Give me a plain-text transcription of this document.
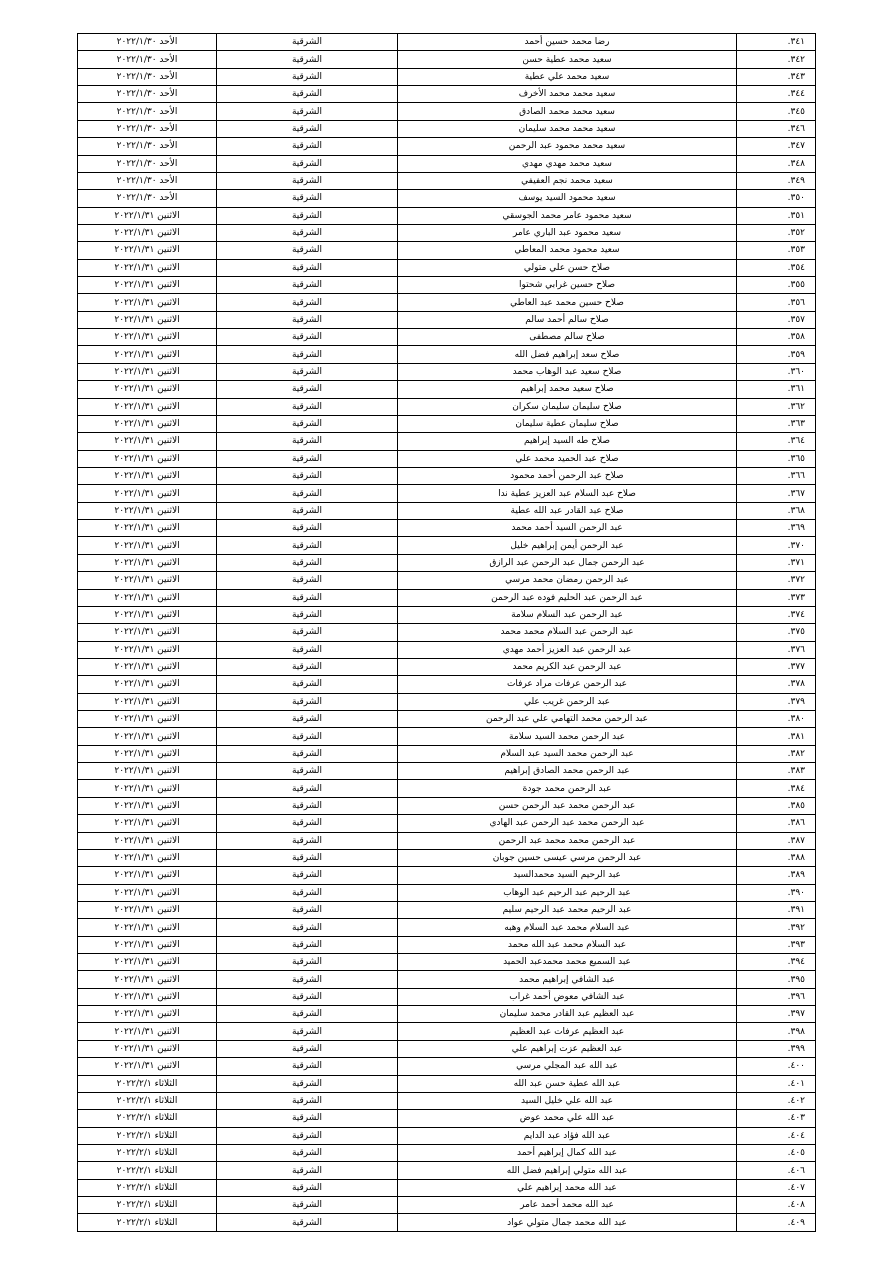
٣٤١.	رضا محمد حسين أحمد	الشرقية	الأحد ٢٠٢٢/١/٣٠
٣٤٢.	سعيد محمد عطية حسن	الشرقية	الأحد ٢٠٢٢/١/٣٠
٣٤٣.	سعيد محمد علي عطية	الشرقية	الأحد ٢٠٢٢/١/٣٠
٣٤٤.	سعيد محمد محمد الأخرف	الشرقية	الأحد ٢٠٢٢/١/٣٠
٣٤٥.	سعيد محمد محمد الصادق	الشرقية	الأحد ٢٠٢٢/١/٣٠
٣٤٦.	سعيد محمد محمد سليمان	الشرقية	الأحد ٢٠٢٢/١/٣٠
٣٤٧.	سعيد محمد محمود عبد الرحمن	الشرقية	الأحد ٢٠٢٢/١/٣٠
٣٤٨.	سعيد محمد مهدي مهدي	الشرقية	الأحد ٢٠٢٢/١/٣٠
٣٤٩.	سعيد محمد نجم العفيفي	الشرقية	الأحد ٢٠٢٢/١/٣٠
٣٥٠.	سعيد محمود السيد يوسف	الشرقية	الأحد ٢٠٢٢/١/٣٠
٣٥١.	سعيد محمود عامر محمد الجوسقي	الشرقية	الاثنين ٢٠٢٢/١/٣١
٣٥٢.	سعيد محمود عبد الباري عامر	الشرقية	الاثنين ٢٠٢٢/١/٣١
٣٥٣.	سعيد محمود محمد المعاطي	الشرقية	الاثنين ٢٠٢٢/١/٣١
٣٥٤.	صلاح حسن علي متولي	الشرقية	الاثنين ٢٠٢٢/١/٣١
٣٥٥.	صلاح حسين غرابي شحتوا	الشرقية	الاثنين ٢٠٢٢/١/٣١
٣٥٦.	صلاح حسين محمد عبد العاطي	الشرقية	الاثنين ٢٠٢٢/١/٣١
٣٥٧.	صلاح سالم أحمد سالم	الشرقية	الاثنين ٢٠٢٢/١/٣١
٣٥٨.	صلاح سالم مصطفى	الشرقية	الاثنين ٢٠٢٢/١/٣١
٣٥٩.	صلاح سعد إبراهيم فضل الله	الشرقية	الاثنين ٢٠٢٢/١/٣١
٣٦٠.	صلاح سعيد عبد الوهاب محمد	الشرقية	الاثنين ٢٠٢٢/١/٣١
٣٦١.	صلاح سعيد محمد إبراهيم	الشرقية	الاثنين ٢٠٢٢/١/٣١
٣٦٢.	صلاح سليمان سليمان سكران	الشرقية	الاثنين ٢٠٢٢/١/٣١
٣٦٣.	صلاح سليمان عطية سليمان	الشرقية	الاثنين ٢٠٢٢/١/٣١
٣٦٤.	صلاح طه السيد إبراهيم	الشرقية	الاثنين ٢٠٢٢/١/٣١
٣٦٥.	صلاح عبد الحميد محمد علي	الشرقية	الاثنين ٢٠٢٢/١/٣١
٣٦٦.	صلاح عبد الرحمن أحمد محمود	الشرقية	الاثنين ٢٠٢٢/١/٣١
٣٦٧.	صلاح عبد السلام عبد العزيز عطية ندا	الشرقية	الاثنين ٢٠٢٢/١/٣١
٣٦٨.	صلاح عبد القادر عبد الله عطية	الشرقية	الاثنين ٢٠٢٢/١/٣١
٣٦٩.	عبد الرحمن السيد أحمد محمد	الشرقية	الاثنين ٢٠٢٢/١/٣١
٣٧٠.	عبد الرحمن أيمن إبراهيم خليل	الشرقية	الاثنين ٢٠٢٢/١/٣١
٣٧١.	عبد الرحمن جمال عبد الرحمن عبد الرازق	الشرقية	الاثنين ٢٠٢٢/١/٣١
٣٧٢.	عبد الرحمن رمضان محمد مرسي	الشرقية	الاثنين ٢٠٢٢/١/٣١
٣٧٣.	عبد الرحمن عبد الحليم فوده عبد الرحمن	الشرقية	الاثنين ٢٠٢٢/١/٣١
٣٧٤.	عبد الرحمن عبد السلام سلامة	الشرقية	الاثنين ٢٠٢٢/١/٣١
٣٧٥.	عبد الرحمن عبد السلام محمد محمد	الشرقية	الاثنين ٢٠٢٢/١/٣١
٣٧٦.	عبد الرحمن عبد العزيز أحمد مهدي	الشرقية	الاثنين ٢٠٢٢/١/٣١
٣٧٧.	عبد الرحمن عبد الكريم محمد	الشرقية	الاثنين ٢٠٢٢/١/٣١
٣٧٨.	عبد الرحمن عرفات مراد عرفات	الشرقية	الاثنين ٢٠٢٢/١/٣١
٣٧٩.	عبد الرحمن غريب علي	الشرقية	الاثنين ٢٠٢٢/١/٣١
٣٨٠.	عبد الرحمن محمد التهامي علي عبد الرحمن	الشرقية	الاثنين ٢٠٢٢/١/٣١
٣٨١.	عبد الرحمن محمد السيد سلامة	الشرقية	الاثنين ٢٠٢٢/١/٣١
٣٨٢.	عبد الرحمن محمد السيد عبد السلام	الشرقية	الاثنين ٢٠٢٢/١/٣١
٣٨٣.	عبد الرحمن محمد الصادق إبراهيم	الشرقية	الاثنين ٢٠٢٢/١/٣١
٣٨٤.	عبد الرحمن محمد جودة	الشرقية	الاثنين ٢٠٢٢/١/٣١
٣٨٥.	عبد الرحمن محمد عبد الرحمن حسن	الشرقية	الاثنين ٢٠٢٢/١/٣١
٣٨٦.	عبد الرحمن محمد عبد الرحمن عبد الهادي	الشرقية	الاثنين ٢٠٢٢/١/٣١
٣٨٧.	عبد الرحمن محمد محمد عبد الرحمن	الشرقية	الاثنين ٢٠٢٢/١/٣١
٣٨٨.	عبد الرحمن مرسي عيسى حسين جوبان	الشرقية	الاثنين ٢٠٢٢/١/٣١
٣٨٩.	عبد الرحيم السيد محمدالسيد	الشرقية	الاثنين ٢٠٢٢/١/٣١
٣٩٠.	عبد الرحيم عبد الرحيم عبد الوهاب	الشرقية	الاثنين ٢٠٢٢/١/٣١
٣٩١.	عبد الرحيم محمد عبد الرحيم سليم	الشرقية	الاثنين ٢٠٢٢/١/٣١
٣٩٢.	عبد السلام محمد عبد السلام وهبه	الشرقية	الاثنين ٢٠٢٢/١/٣١
٣٩٣.	عبد السلام محمد عبد الله محمد	الشرقية	الاثنين ٢٠٢٢/١/٣١
٣٩٤.	عبد السميع محمد محمدعبد الحميد	الشرقية	الاثنين ٢٠٢٢/١/٣١
٣٩٥.	عبد الشافي إبراهيم محمد	الشرقية	الاثنين ٢٠٢٢/١/٣١
٣٩٦.	عبد الشافي معوض أحمد غراب	الشرقية	الاثنين ٢٠٢٢/١/٣١
٣٩٧.	عبد العظيم عبد القادر محمد سليمان	الشرقية	الاثنين ٢٠٢٢/١/٣١
٣٩٨.	عبد العظيم عرفات عبد العظيم	الشرقية	الاثنين ٢٠٢٢/١/٣١
٣٩٩.	عبد العظيم عزت إبراهيم علي	الشرقية	الاثنين ٢٠٢٢/١/٣١
٤٠٠.	عبد الله عبد المجلي مرسي	الشرقية	الاثنين ٢٠٢٢/١/٣١
٤٠١.	عبد الله عطية حسن عبد الله	الشرقية	الثلاثاء ٢٠٢٢/٢/١
٤٠٢.	عبد الله علي خليل السيد	الشرقية	الثلاثاء ٢٠٢٢/٢/١
٤٠٣.	عبد الله علي محمد عوض	الشرقية	الثلاثاء ٢٠٢٢/٢/١
٤٠٤.	عبد الله فؤاد عبد الدايم	الشرقية	الثلاثاء ٢٠٢٢/٢/١
٤٠٥.	عبد الله كمال إبراهيم أحمد	الشرقية	الثلاثاء ٢٠٢٢/٢/١
٤٠٦.	عبد الله متولي إبراهيم فضل الله	الشرقية	الثلاثاء ٢٠٢٢/٢/١
٤٠٧.	عبد الله محمد إبراهيم علي	الشرقية	الثلاثاء ٢٠٢٢/٢/١
٤٠٨.	عبد الله محمد أحمد عامر	الشرقية	الثلاثاء ٢٠٢٢/٢/١
٤٠٩.	عبد الله محمد جمال متولي عواد	الشرقية	الثلاثاء ٢٠٢٢/٢/١
